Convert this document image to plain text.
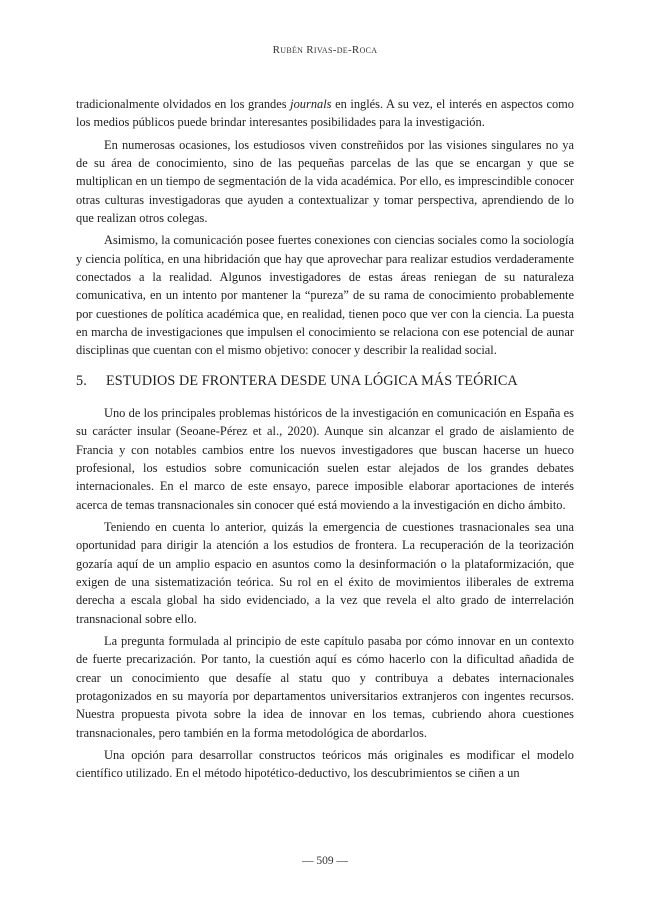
Rubén Rivas-de-Roca

tradicionalmente olvidados en los grandes journals en inglés. A su vez, el interés en aspectos como los medios públicos puede brindar interesantes posibilidades para la investigación.

En numerosas ocasiones, los estudiosos viven constreñidos por las visiones singulares no ya de su área de conocimiento, sino de las pequeñas parcelas de las que se encargan y que se multiplican en un tiempo de segmentación de la vida académica. Por ello, es imprescindible conocer otras culturas investigadoras que ayuden a contextualizar y tomar perspectiva, aprendiendo de lo que realizan otros colegas.

Asimismo, la comunicación posee fuertes conexiones con ciencias sociales como la sociología y ciencia política, en una hibridación que hay que aprovechar para realizar estudios verdaderamente conectados a la realidad. Algunos investigadores de estas áreas reniegan de su naturaleza comunicativa, en un intento por mantener la “pureza” de su rama de conocimiento probablemente por cuestiones de política académica que, en realidad, tienen poco que ver con la ciencia. La puesta en marcha de investigaciones que impulsen el conocimiento se relaciona con ese potencial de aunar disciplinas que cuentan con el mismo objetivo: conocer y describir la realidad social.

5. ESTUDIOS DE FRONTERA DESDE UNA LÓGICA MÁS TEÓRICA

Uno de los principales problemas históricos de la investigación en comunicación en España es su carácter insular (Seoane-Pérez et al., 2020). Aunque sin alcanzar el grado de aislamiento de Francia y con notables cambios entre los nuevos investigadores que buscan hacerse un hueco profesional, los estudios sobre comunicación suelen estar alejados de los grandes debates internacionales. En el marco de este ensayo, parece imposible elaborar aportaciones de interés acerca de temas transnacionales sin conocer qué está moviendo a la investigación en dicho ámbito.

Teniendo en cuenta lo anterior, quizás la emergencia de cuestiones trasnacionales sea una oportunidad para dirigir la atención a los estudios de frontera. La recuperación de la teorización gozaría aquí de un amplio espacio en asuntos como la desinformación o la plataformización, que exigen de una sistematización teórica. Su rol en el éxito de movimientos iliberales de extrema derecha a escala global ha sido evidenciado, a la vez que revela el alto grado de interrelación transnacional sobre ello.

La pregunta formulada al principio de este capítulo pasaba por cómo innovar en un contexto de fuerte precarización. Por tanto, la cuestión aquí es cómo hacerlo con la dificultad añadida de crear un conocimiento que desafíe al statu quo y contribuya a debates internacionales protagonizados en su mayoría por departamentos universitarios extranjeros con ingentes recursos. Nuestra propuesta pivota sobre la idea de innovar en los temas, cubriendo ahora cuestiones transnacionales, pero también en la forma metodológica de abordarlos.

Una opción para desarrollar constructos teóricos más originales es modificar el modelo científico utilizado. En el método hipotético-deductivo, los descubrimientos se ciñen a un

— 509 —
